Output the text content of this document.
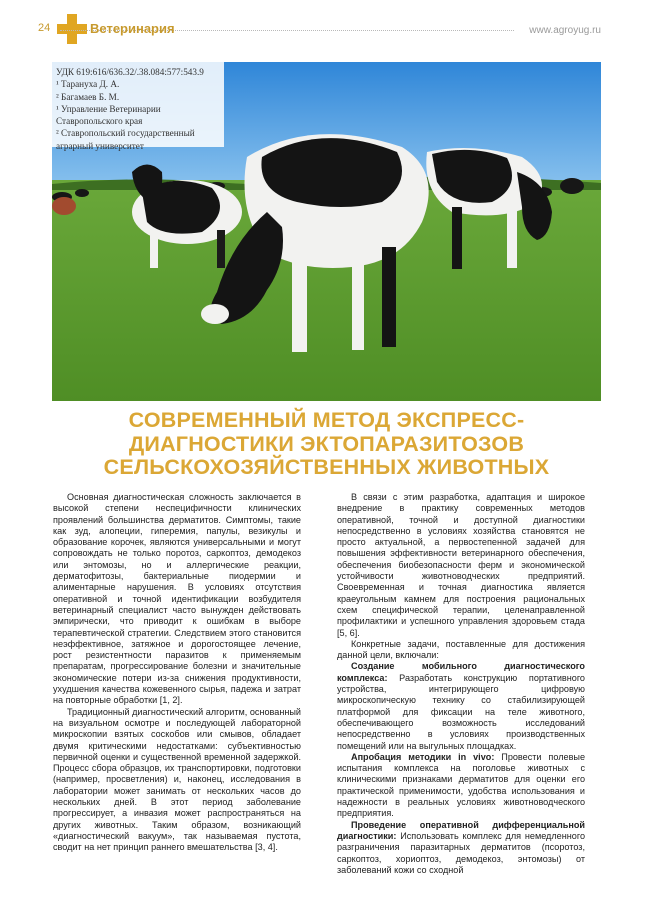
24	Ветеринария	www.agroyug.ru
УДК 619:616/636.32/.38.084:577:543.9
¹ Тарануха Д. А.
² Багамаев Б. М.
¹ Управление Ветеринарии
Ставропольского края
² Ставропольский государственный
аграрный университет
СОВРЕМЕННЫЙ МЕТОД ЭКСПРЕСС-
ДИАГНОСТИКИ ЭКТОПАРАЗИТОЗОВ
СЕЛЬСКОХОЗЯЙСТВЕННЫХ ЖИВОТНЫХ

Основная диагностическая сложность заключается в высокой степени неспецифичности клинических проявлений большинства дерматитов. Симптомы, такие как зуд, алопеции, гиперемия, папулы, везикулы и образование корочек, являются универсальными и могут сопровождать не только поротоз, саркоптоз, демодекоз или энтомозы, но и аллергические реакции, дерматофитозы, бактериальные пиодермии и алиментарные нарушения. В условиях отсутствия оперативной и точной идентификации возбудителя ветеринарный специалист часто вынужден действовать эмпирически, что приводит к ошибкам в выборе терапевтической стратегии. Следствием этого становится неэффективное, затяжное и дорогостоящее лечение, рост резистентности паразитов к применяемым препаратам, прогрессирование болезни и значительные экономические потери из-за снижения продуктивности, ухудшения качества кожевенного сырья, падежа и затрат на повторные обработки [1, 2].

Традиционный диагностический алгоритм, основанный на визуальном осмотре и последующей лабораторной микроскопии взятых соскобов или смывов, обладает двумя критическими недостатками: субъективностью первичной оценки и существенной временной задержкой. Процесс сбора образцов, их транспортировки, подготовки (например, просветления) и, наконец, исследования в лаборатории может занимать от нескольких часов до нескольких дней. В этот период заболевание прогрессирует, а инвазия может распространяться на других животных. Таким образом, возникающий «диагностический вакуум», так называемая пустота, сводит на нет принцип раннего вмешательства [3, 4].

В связи с этим разработка, адаптация и широкое внедрение в практику современных методов оперативной, точной и доступной диагностики непосредственно в условиях хозяйства становятся не просто актуальной, а первостепенной задачей для повышения эффективности ветеринарного обеспечения, обеспечения биобезопасности ферм и экономической устойчивости животноводческих предприятий. Своевременная и точная диагностика является краеугольным камнем для построения рациональных схем специфической терапии, целенаправленной профилактики и успешного управления здоровьем стада [5, 6].

Конкретные задачи, поставленные для достижения данной цели, включали:

Создание мобильного диагностического комплекса: Разработать конструкцию портативного устройства, интегрирующего цифровую микроскопическую технику со стабилизирующей платформой для фиксации на теле животного, обеспечивающего возможность исследований непосредственно в условиях производственных помещений или на выгульных площадках.

Апробация методики in vivo: Провести полевые испытания комплекса на поголовье животных с клиническими признаками дерматитов для оценки его практической применимости, удобства использования и надежности в реальных условиях животноводческого предприятия.

Проведение оперативной дифференциальной диагностики: Использовать комплекс для немедленного разграничения паразитарных дерматитов (псоротоз, саркоптоз, хориоптоз, демодекоз, энтомозы) от заболеваний кожи со сходной
